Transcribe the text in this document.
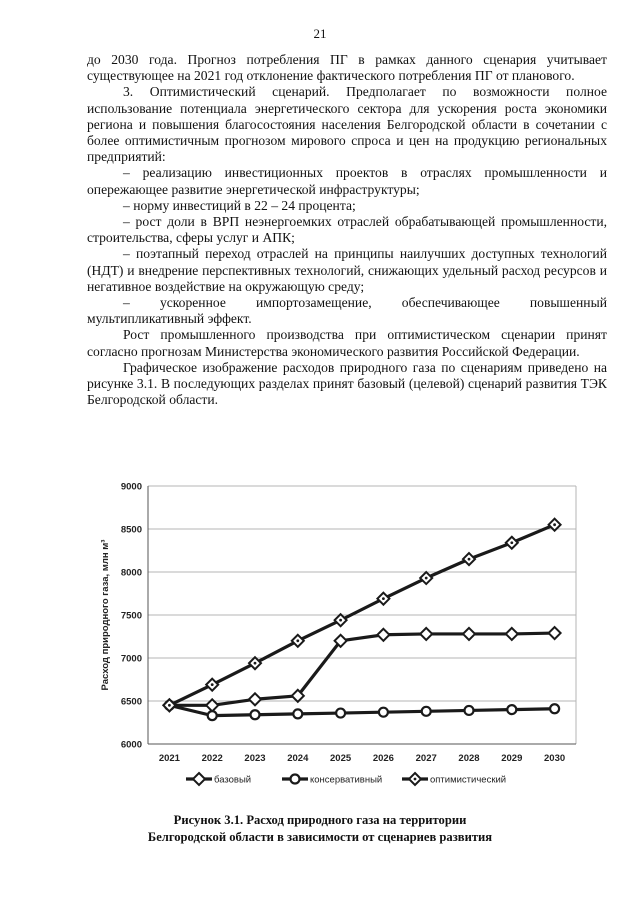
21

до 2030 года. Прогноз потребления ПГ в рамках данного сценария учитывает существующее на 2021 год отклонение фактического потребления ПГ от планового.

3. Оптимистический сценарий. Предполагает по возможности полное использование потенциала энергетического сектора для ускорения роста экономики региона и повышения благосостояния населения Белгородской области в сочетании с более оптимистичным прогнозом мирового спроса и цен на продукцию региональных предприятий:

– реализацию инвестиционных проектов в отраслях промышленности и опережающее развитие энергетической инфраструктуры;

– норму инвестиций в 22 – 24 процента;

– рост доли в ВРП неэнергоемких отраслей обрабатывающей промышленности, строительства, сферы услуг и АПК;

– поэтапный переход отраслей на принципы наилучших доступных технологий (НДТ) и внедрение перспективных технологий, снижающих удельный расход ресурсов и негативное воздействие на окружающую среду;

– ускоренное импортозамещение, обеспечивающее повышенный мультипликативный эффект.

Рост промышленного производства при оптимистическом сценарии принят согласно прогнозам Министерства экономического развития Российской Федерации.

Графическое изображение расходов природного газа по сценариям приведено на рисунке 3.1. В последующих разделах принят базовый (целевой) сценарий развития ТЭК Белгородской области.

6000
6500
7000
7500
8000
8500
9000
2021 2022 2023 2024 2025 2026 2027 2028 2029 2030
Расход природного газа, млн м³
базовый	консервативный	оптимистический
Рисунок 3.1. Расход природного газа на территории
Белгородской области в зависимости от сценариев развития
